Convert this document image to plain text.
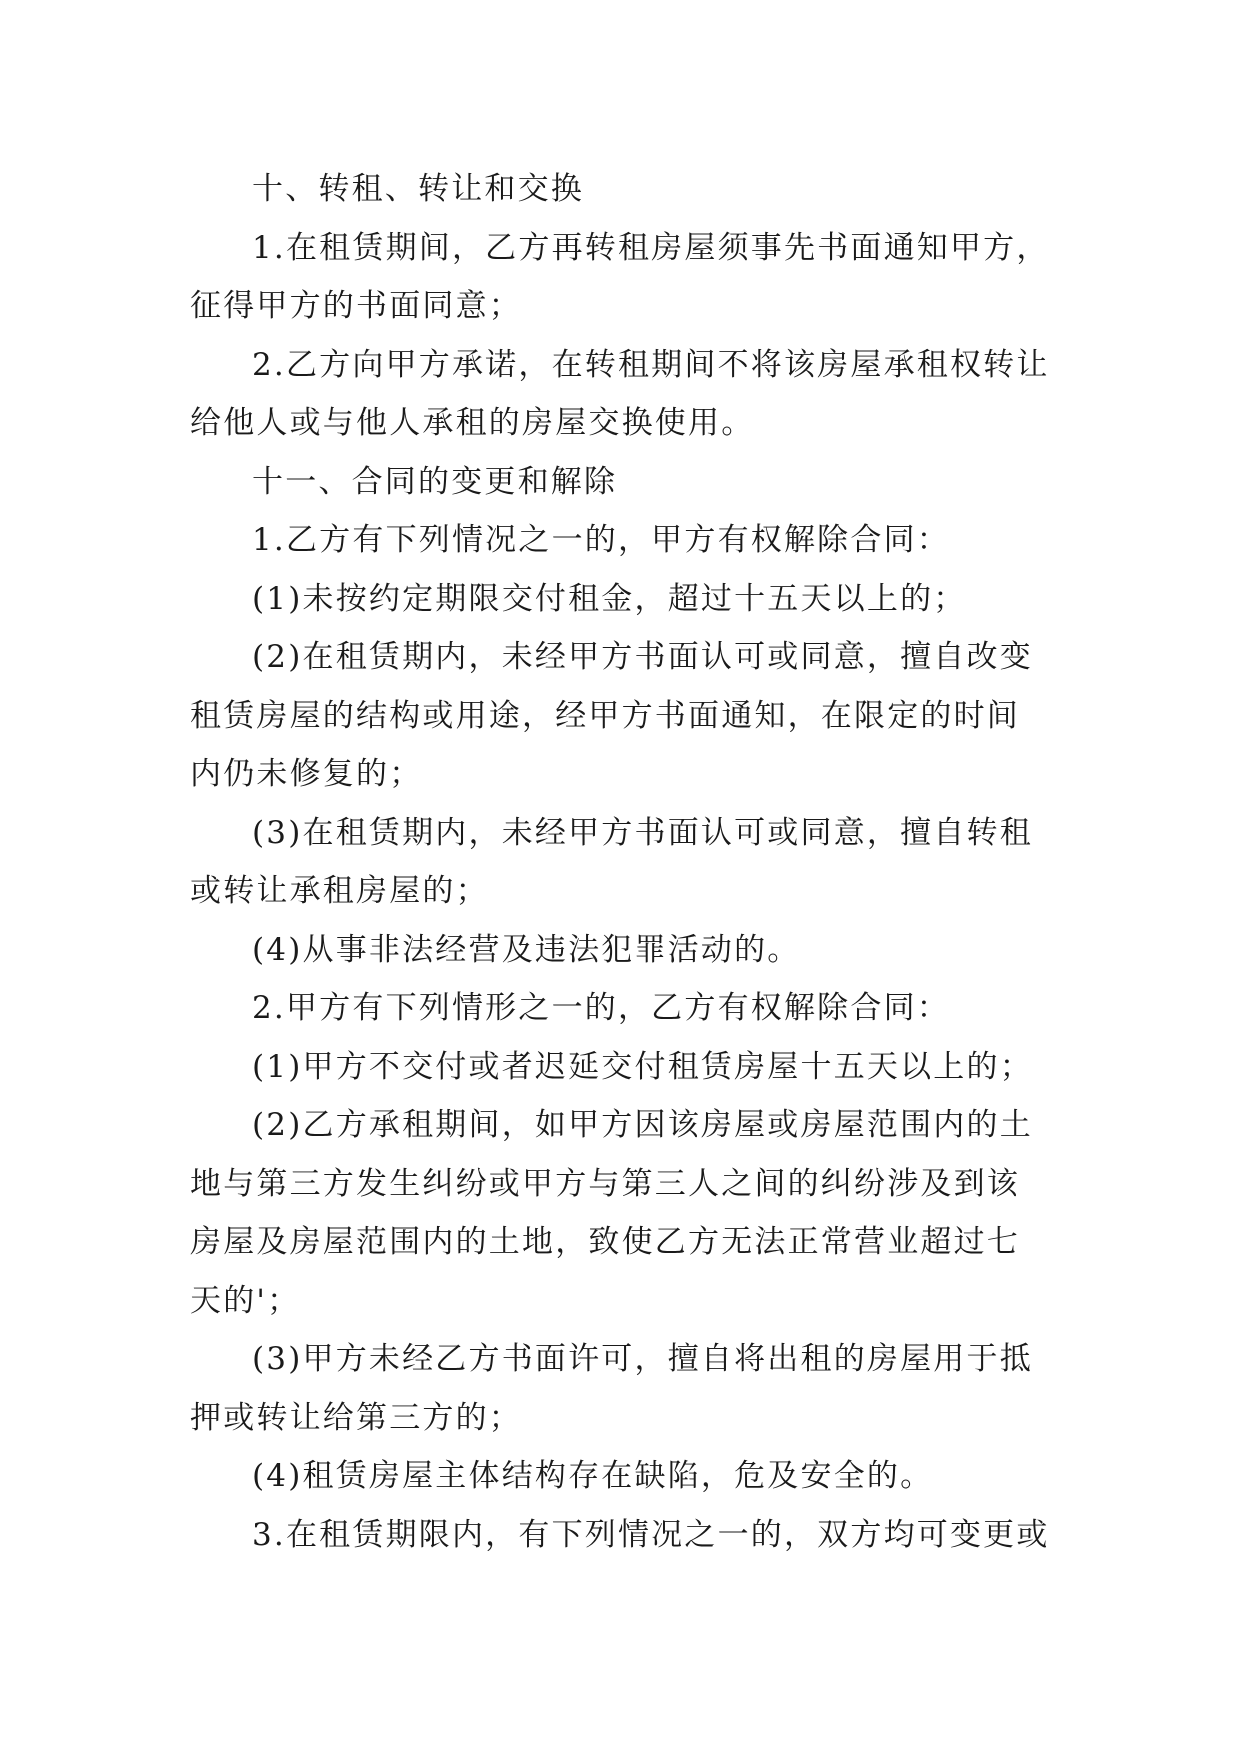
十、转租、转让和交换

1.在租赁期间，乙方再转租房屋须事先书面通知甲方，征得甲方的书面同意；

2.乙方向甲方承诺，在转租期间不将该房屋承租权转让给他人或与他人承租的房屋交换使用。

十一、合同的变更和解除

1.乙方有下列情况之一的，甲方有权解除合同：

(1)未按约定期限交付租金，超过十五天以上的；

(2)在租赁期内，未经甲方书面认可或同意，擅自改变租赁房屋的结构或用途，经甲方书面通知，在限定的时间内仍未修复的；

(3)在租赁期内，未经甲方书面认可或同意，擅自转租或转让承租房屋的；

(4)从事非法经营及违法犯罪活动的。

2.甲方有下列情形之一的，乙方有权解除合同：

(1)甲方不交付或者迟延交付租赁房屋十五天以上的；

(2)乙方承租期间，如甲方因该房屋或房屋范围内的土地与第三方发生纠纷或甲方与第三人之间的纠纷涉及到该房屋及房屋范围内的土地，致使乙方无法正常营业超过七天的'；

(3)甲方未经乙方书面许可，擅自将出租的房屋用于抵押或转让给第三方的；

(4)租赁房屋主体结构存在缺陷，危及安全的。

3.在租赁期限内，有下列情况之一的，双方均可变更或
